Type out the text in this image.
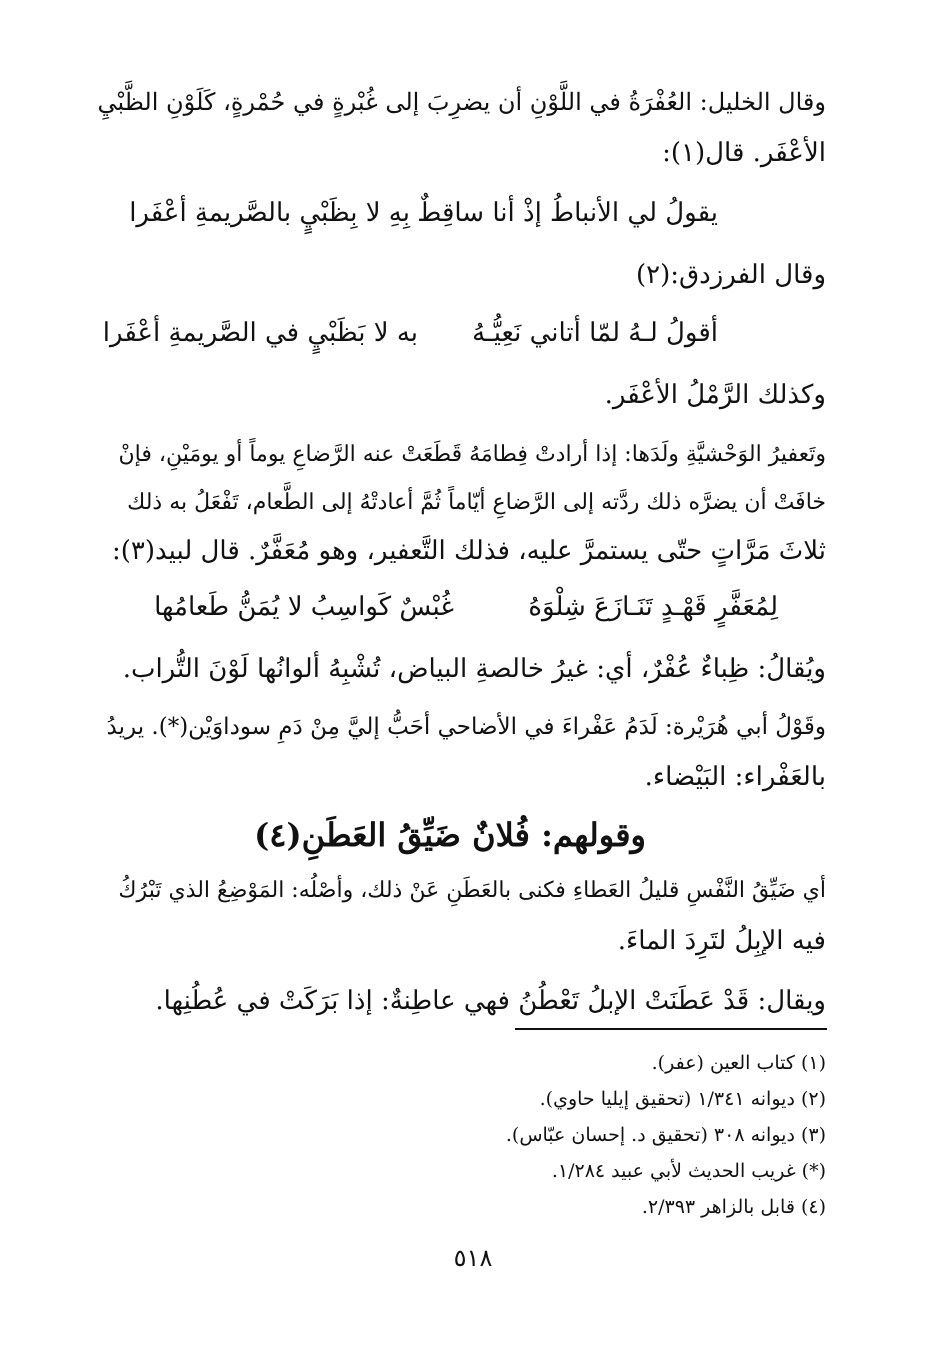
وقال الخليل: العُفْرَةُ في اللَّوْنِ أن يضرِبَ إلى غُبْرةٍ في حُمْرةٍ، كَلَوْنِ الظَّبْيِ
الأعْفَر. قال(١):
يقولُ لي الأنباطُ إذْ أنا ساقِطٌ
بِهِ لا بِظَبْيٍ بالصَّريمةِ أعْفَرا
وقال الفرزدق:(٢)
أقولُ لـهُ لمّا أتاني نَعِيُّـهُ
به لا بَظَبْيٍ في الصَّريمةِ أعْفَرا
وكذلك الرَّمْلُ الأعْفَر.
وتَعفيرُ الوَحْشيَّةِ ولَدَها: إذا أرادتْ فِطامَهُ قَطَعَتْ عنه الرَّضاعِ يوماً أو يومَيْنِ، فإنْ
خافَتْ أن يضرَّه ذلك ردَّته إلى الرَّضاعِ أيّاماً ثُمَّ أعادتْهُ إلى الطَّعام، تَفْعَلُ به ذلك
ثلاثَ مَرَّاتٍ حتّى يستمرَّ عليه، فذلك التَّعفير، وهو مُعَفَّرٌ. قال لبيد(٣):
لِمُعَفَّرٍ قَهْـدٍ تَنَـازَعَ شِلْوَهُ
غُبْسٌ كَواسِبُ لا يُمَنُّ طَعامُها
ويُقالُ: ظِباءٌ عُفْرٌ، أي: غيرُ خالصةِ البياض، تُشْبِهُ ألوانُها لَوْنَ التُّراب.
وقَوْلُ أبي هُرَيْرة: لَدَمُ عَفْراءَ في الأضاحي أحَبُّ إليَّ مِنْ دَمِ سوداوَيْن(*). يريدُ
بالعَفْراء: البَيْضاء.
وقولهم: فُلانٌ ضَيِّقُ العَطَنِ(٤)
أي ضَيِّقُ النَّفْسِ قليلُ العَطاءِ فكنى بالعَطَنِ عَنْ ذلك، وأصْلُه: المَوْضِعُ الذي تَبْرُكُ
فيه الإبِلُ لتَرِدَ الماءَ.
ويقال: قَدْ عَطَنَتْ الإبلُ تَعْطُنُ فهي عاطِنةٌ: إذا بَرَكَتْ في عُطُنِها.
(١) كتاب العين (عفر).
(٢) ديوانه ١/٣٤١ (تحقيق إيليا حاوي).
(٣) ديوانه ٣٠٨ (تحقيق د. إحسان عبّاس).
(*) غريب الحديث لأبي عبيد ١/٢٨٤.
(٤) قابل بالزاهر ٢/٣٩٣.
٥١٨
